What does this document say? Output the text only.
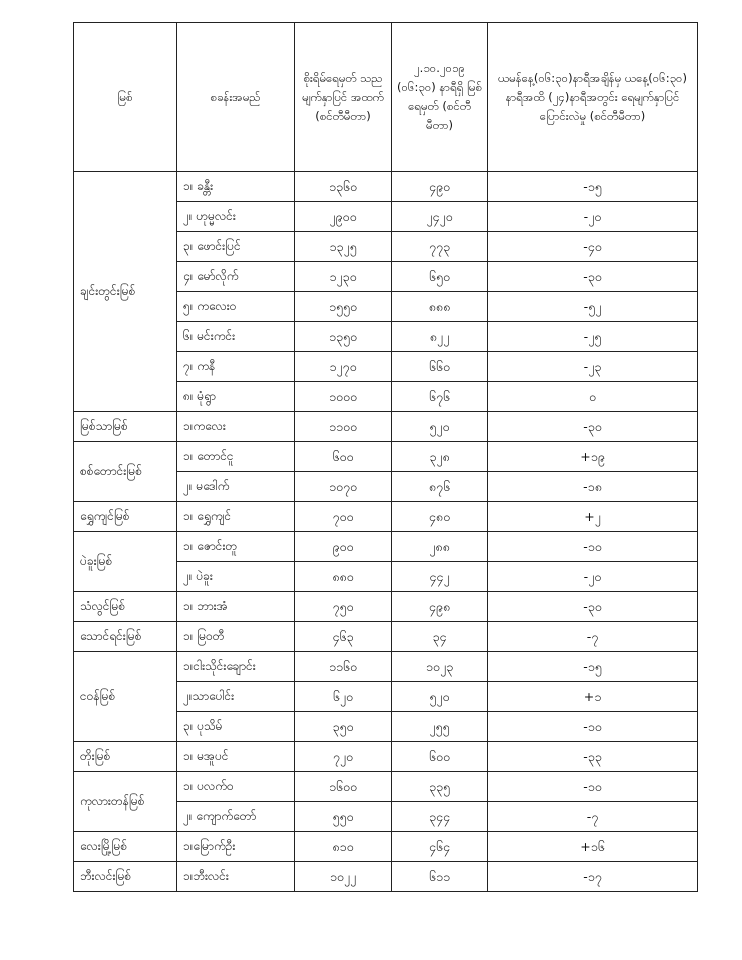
မြစ်	စခန်းအမည်	စိုးရိမ်ရေမှတ် သည မျက်နှာပြင် အထက် (စင်တီမီတာ)	၂.၁၀.၂၀၁၉ (၀၆:၃၀) နာရီရှိ မြစ်ရေမှတ် (စင်တီမီတာ)	ယမန်နေ့(၀၆:၃၀)နာရီအချိန်မှ ယနေ့(၀၆:၃၀) နာရီအထိ (၂၄)နာရီအတွင်း ရေမျက်နှာပြင်ပြောင်းလဲမှု (စင်တီမီတာ)
ချင်းတွင်းမြစ်	၁။ ခန္တီး	၁၃၆၀	၄၉၀	-၁၅
	၂။ ဟုမ္မလင်း	၂၉၀၀	၂၄၂၀	-၂၀
	၃။ ဖောင်းပြင်	၁၃၂၅	၇၇၃	-၄၀
	၄။ မော်လိုက်	၁၂၃၀	၆၅၀	-၃၀
	၅။ ကလေးဝ	၁၅၅၀	၈၈၈	-၅၂
	၆။ မင်းကင်း	၁၃၅၀	၈၂၂	-၂၅
	၇။ ကနီ	၁၂၇၀	၆၆၀	-၂၃
	၈။ မုံရွာ	၁၀၀၀	၆၇၆	၀
မြစ်သာမြစ်	၁။ကလေး	၁၁၀၀	၅၂၀	-၃၀
စစ်တောင်းမြစ်	၁။ တောင်ငူ	၆၀၀	၃၂၈	+၁၉
	၂။ မဒေါက်	၁၀၇၀	၈၇၆	-၁၈
ရွှေကျင်မြစ်	၁။ ရွှေကျင်	၇၀၀	၄၈၀	+၂
ပဲခူးမြစ်	၁။ ဇောင်းတူ	၉၀၀	၂၈၈	-၁၀
	၂။ ပဲခူး	၈၈၀	၄၄၂	-၂၀
သံလွင်မြစ်	၁။ ဘားအံ	၇၅၀	၄၉၈	-၃၀
သောင်ရင်းမြစ်	၁။ မြဝတီ	၄၆၃	၃၄	-၇
ငဝန်မြစ်	၁။ငါးသိုင်းချောင်း	၁၁၆၀	၁၀၂၃	-၁၅
	၂။သာပေါင်း	၆၂၀	၅၂၀	+၁
	၃။ ပုသိမ်	၃၅၀	၂၅၅	-၁၀
တိုးမြစ်	၁။ မအူပင်	၇၂၀	၆၀၀	-၃၃
ကုလားတန်မြစ်	၁။ ပလက်ဝ	၁၆၀၀	၃၃၅	-၁၀
	၂။ ကျောက်တော်	၅၅၀	၃၄၄	-၇
လေးမြို့မြစ်	၁။မြောက်ဦး	၈၁၀	၄၆၄	+၁၆
ဘီးလင်းမြစ်	၁။ဘီးလင်း	၁၀၂၂	၆၁၁	-၁၇
